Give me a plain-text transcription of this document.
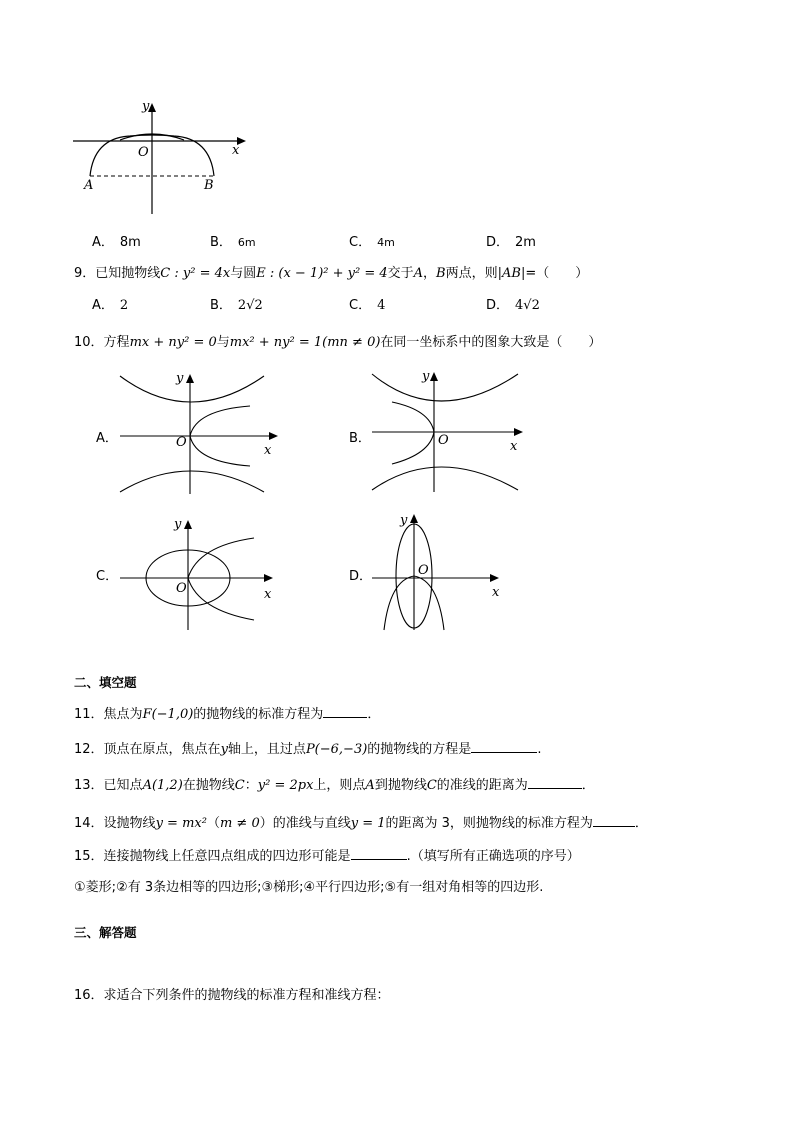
y
x
O
A	B
A． 8m	B． 6m	C． 4m	D． 2m
9．已知抛物线C : y² = 4x与圆E : (x − 1)² + y² = 4交于A，B两点，则|AB|=（　　）
A． 2	B． 2√2	C． 4	D． 4√2
10．方程mx + ny² = 0与mx² + ny² = 1(mn ≠ 0)在同一坐标系中的图象大致是（　　）
A．
y
x
O	B．
y
x
O
C．
y
x
O
D．
y
x
O
二、填空题
11．焦点为F(−1,0)的抛物线的标准方程为	．
12．顶点在原点，焦点在y轴上，且过点P(−6,−3)的抛物线的方程是	.
13．已知点A(1,2)在抛物线C：y² = 2px上，则点A到抛物线C的准线的距离为	．
14．设抛物线y = mx²（m ≠ 0）的准线与直线y = 1的距离为 3，则抛物线的标准方程为	．
15．连接抛物线上任意四点组成的四边形可能是	.（填写所有正确选项的序号）
①菱形;②有 3条边相等的四边形;③梯形;④平行四边形;⑤有一组对角相等的四边形.
三、解答题
16．求适合下列条件的抛物线的标准方程和准线方程：
